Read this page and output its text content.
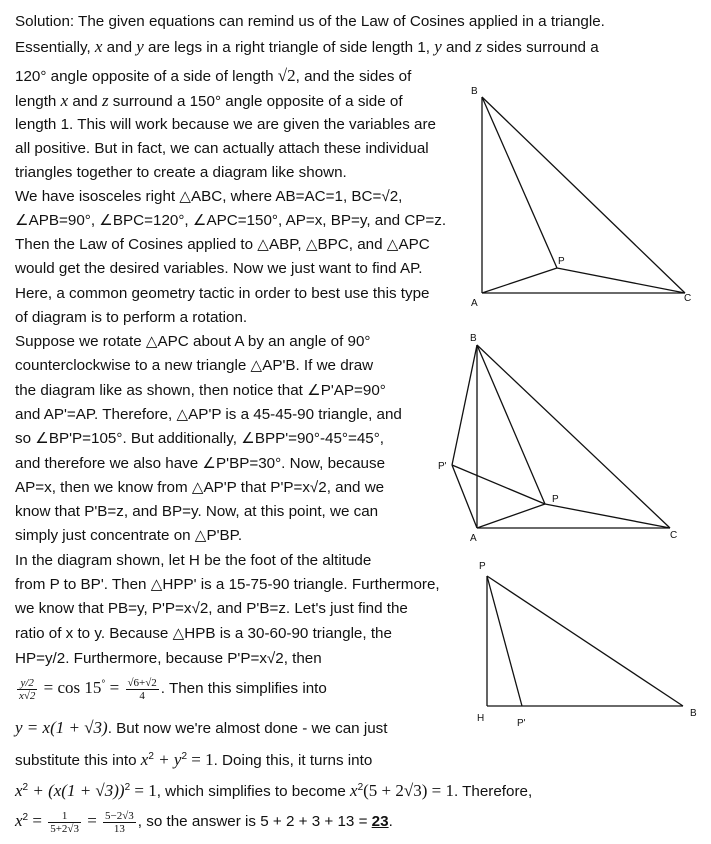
Solution: The given equations can remind us of the Law of Cosines applied in a triangle.
Essentially, x and y are legs in a right triangle of side length 1, y and z sides surround a
120° angle opposite of a side of length √2, and the sides of
length x and z surround a 150° angle opposite of a side of
length 1. This will work because we are given the variables are
all positive. But in fact, we can actually attach these individual
triangles together to create a diagram like shown.
We have isosceles right △ABC, where AB=AC=1, BC=√2,
∠APB=90°, ∠BPC=120°, ∠APC=150°, AP=x, BP=y, and CP=z.
Then the Law of Cosines applied to △ABP, △BPC, and △APC
would get the desired variables. Now we just want to find AP.
Here, a common geometry tactic in order to best use this type
of diagram is to perform a rotation.
Suppose we rotate △APC about A by an angle of 90°
counterclockwise to a new triangle △AP'B. If we draw
the diagram like as shown, then notice that ∠P'AP=90°
and AP'=AP. Therefore, △AP'P is a 45-45-90 triangle, and
so ∠BP'P=105°. But additionally, ∠BPP'=90°-45°=45°,
and therefore we also have ∠P'BP=30°. Now, because
AP=x, then we know from △AP'P that P'P=x√2, and we
know that P'B=z, and BP=y. Now, at this point, we can
simply just concentrate on △P'BP.
In the diagram shown, let H be the foot of the altitude
from P to BP'. Then △HPP' is a 15-75-90 triangle. Furthermore,
we know that PB=y, P'P=x√2, and P'B=z. Let's just find the
ratio of x to y. Because △HPB is a 30-60-90 triangle, the
HP=y/2. Furthermore, because P'P=x√2, then
$\frac{y/2}{x√2} = \cos 15^\circ = \frac{√6+√2}{4}$ . Then this simplifies into
y = x(1 + √3). But now we're almost done - we can just
substitute this into $x^2 + y^2 = 1$. Doing this, it turns into
$x^2 + (x(1 + √3))^2 = 1$, which simplifies to become $x^2(5 + 2√3) = 1$. Therefore,
$x^2 = \frac{1}{5+2√3} = \frac{5-2√3}{13}$ , so the answer is 5 + 2 + 3 + 13 = 23.
B
A	C
P
B
A	C
P
P'
P
H	P'
B
